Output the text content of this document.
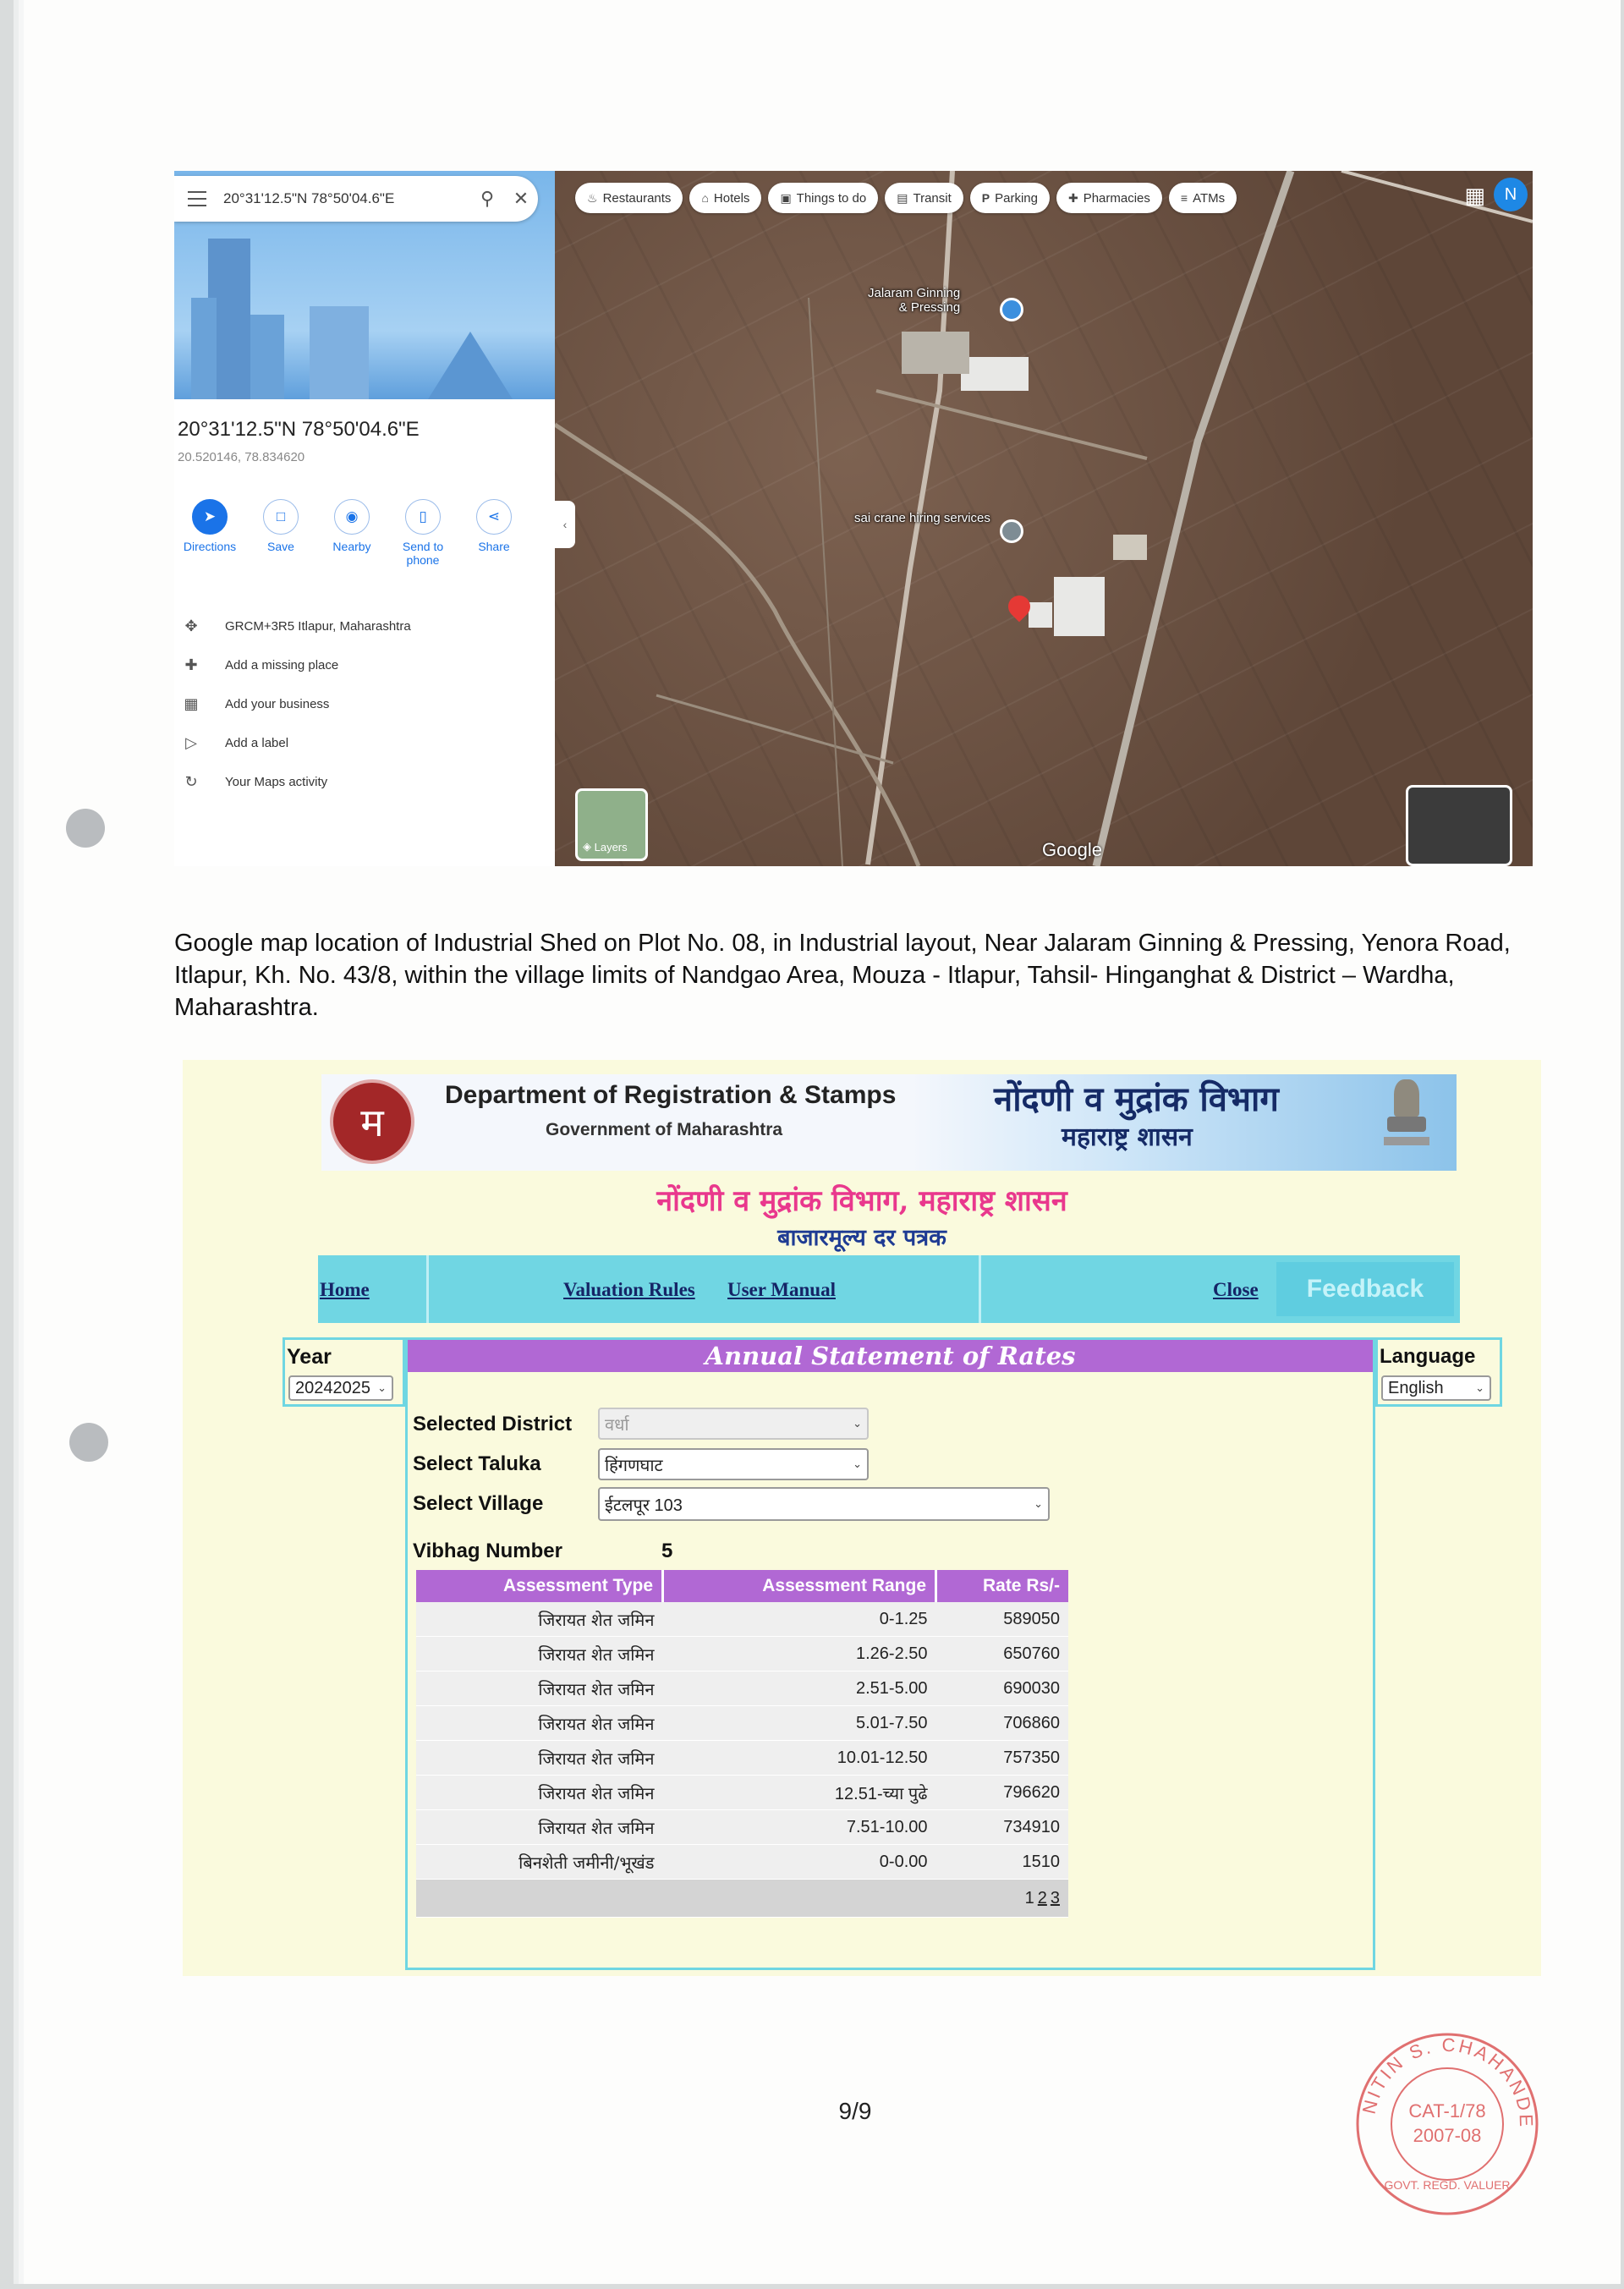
20°31'12.5"N 78°50'04.6"E	⚲	✕
20°31'12.5"N 78°50'04.6"E
20.520146, 78.834620
➤
Directions
□
Save
◉
Nearby
▯
Send to phone
⋖
Share
✥	GRCM+3R5 Itlapur, Maharashtra
✚	Add a missing place
▦	Add your business
▷	Add a label
↻	Your Maps activity
‹
♨ Restaurants	⌂ Hotels	▣ Things to do	▤ Transit	P Parking	✚ Pharmacies	≡ ATMs	▦	N
Jalaram Ginning
& Pressing
sai crane hiring services
◈ Layers	Google
Google map location of Industrial Shed on Plot No. 08, in Industrial layout, Near Jalaram Ginning & Pressing, Yenora Road, Itlapur, Kh. No. 43/8, within the village limits of Nandgao Area, Mouza - Itlapur, Tahsil- Hinganghat & District – Wardha, Maharashtra.
म
Department of Registration & Stamps
Government of Maharashtra
नोंदणी व मुद्रांक विभाग
महाराष्ट्र शासन
नोंदणी व मुद्रांक विभाग, महाराष्ट्र शासन
बाजारमूल्य दर पत्रक
Home	Valuation Rules User Manual	Close	Feedback
Year
20242025 ⌄
Language
English	⌄
Annual Statement of Rates
Selected District वर्धा	⌄
Select Taluka	हिंगणघाट	⌄
Select Village	ईटलपूर 103	⌄
Vibhag Number	5
Assessment Type	Assessment Range	Rate Rs/-
जिरायत शेत जमिन	0-1.25	589050
जिरायत शेत जमिन	1.26-2.50	650760
जिरायत शेत जमिन	2.51-5.00	690030
जिरायत शेत जमिन	5.01-7.50	706860
जिरायत शेत जमिन	10.01-12.50	757350
जिरायत शेत जमिन	12.51-च्या पुढे	796620
जिरायत शेत जमिन	7.51-10.00	734910
बिनशेती जमीनी/भूखंड	0-0.00	1510
1 2 3		
9/9	NITIN S. CHAHANDE
CAT-1/78
2007-08
GOVT. REGD. VALUER
